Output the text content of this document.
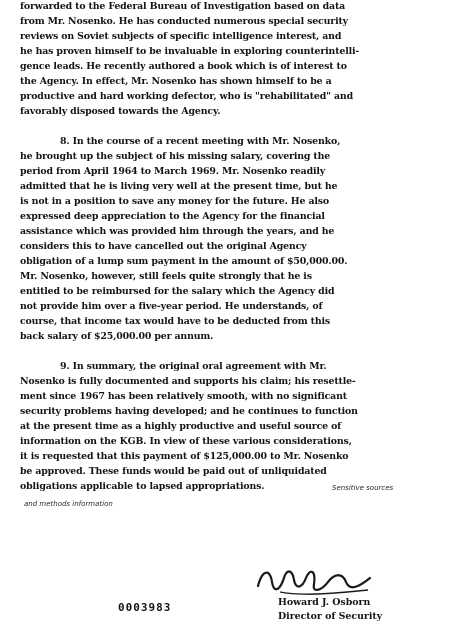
forwarded to the Federal Bureau of Investigation based on data
from Mr. Nosenko. He has conducted numerous special security
reviews on Soviet subjects of specific intelligence interest, and
he has proven himself to be invaluable in exploring counterintelli-
gence leads. He recently authored a book which is of interest to
the Agency. In effect, Mr. Nosenko has shown himself to be a
productive and hard working defector, who is "rehabilitated" and
favorably disposed towards the Agency.
8. In the course of a recent meeting with Mr. Nosenko,
he brought up the subject of his missing salary, covering the
period from April 1964 to March 1969. Mr. Nosenko readily
admitted that he is living very well at the present time, but he
is not in a position to save any money for the future. He also
expressed deep appreciation to the Agency for the financial
assistance which was provided him through the years, and he
considers this to have cancelled out the original Agency
obligation of a lump sum payment in the amount of $50,000.00.
Mr. Nosenko, however, still feels quite strongly that he is
entitled to be reimbursed for the salary which the Agency did
not provide him over a five-year period. He understands, of
course, that income tax would have to be deducted from this
back salary of $25,000.00 per annum.
9. In summary, the original oral agreement with Mr.
Nosenko is fully documented and supports his claim; his resettle-
ment since 1967 has been relatively smooth, with no significant
security problems having developed; and he continues to function
at the present time as a highly productive and useful source of
information on the KGB. In view of these various considerations,
it is requested that this payment of $125,000.00 to Mr. Nosenko
be approved. These funds would be paid out of unliquidated
obligations applicable to lapsed appropriations.	Sensitive sources
and methods information
Howard J. Osborn
Director of Security
0003983
